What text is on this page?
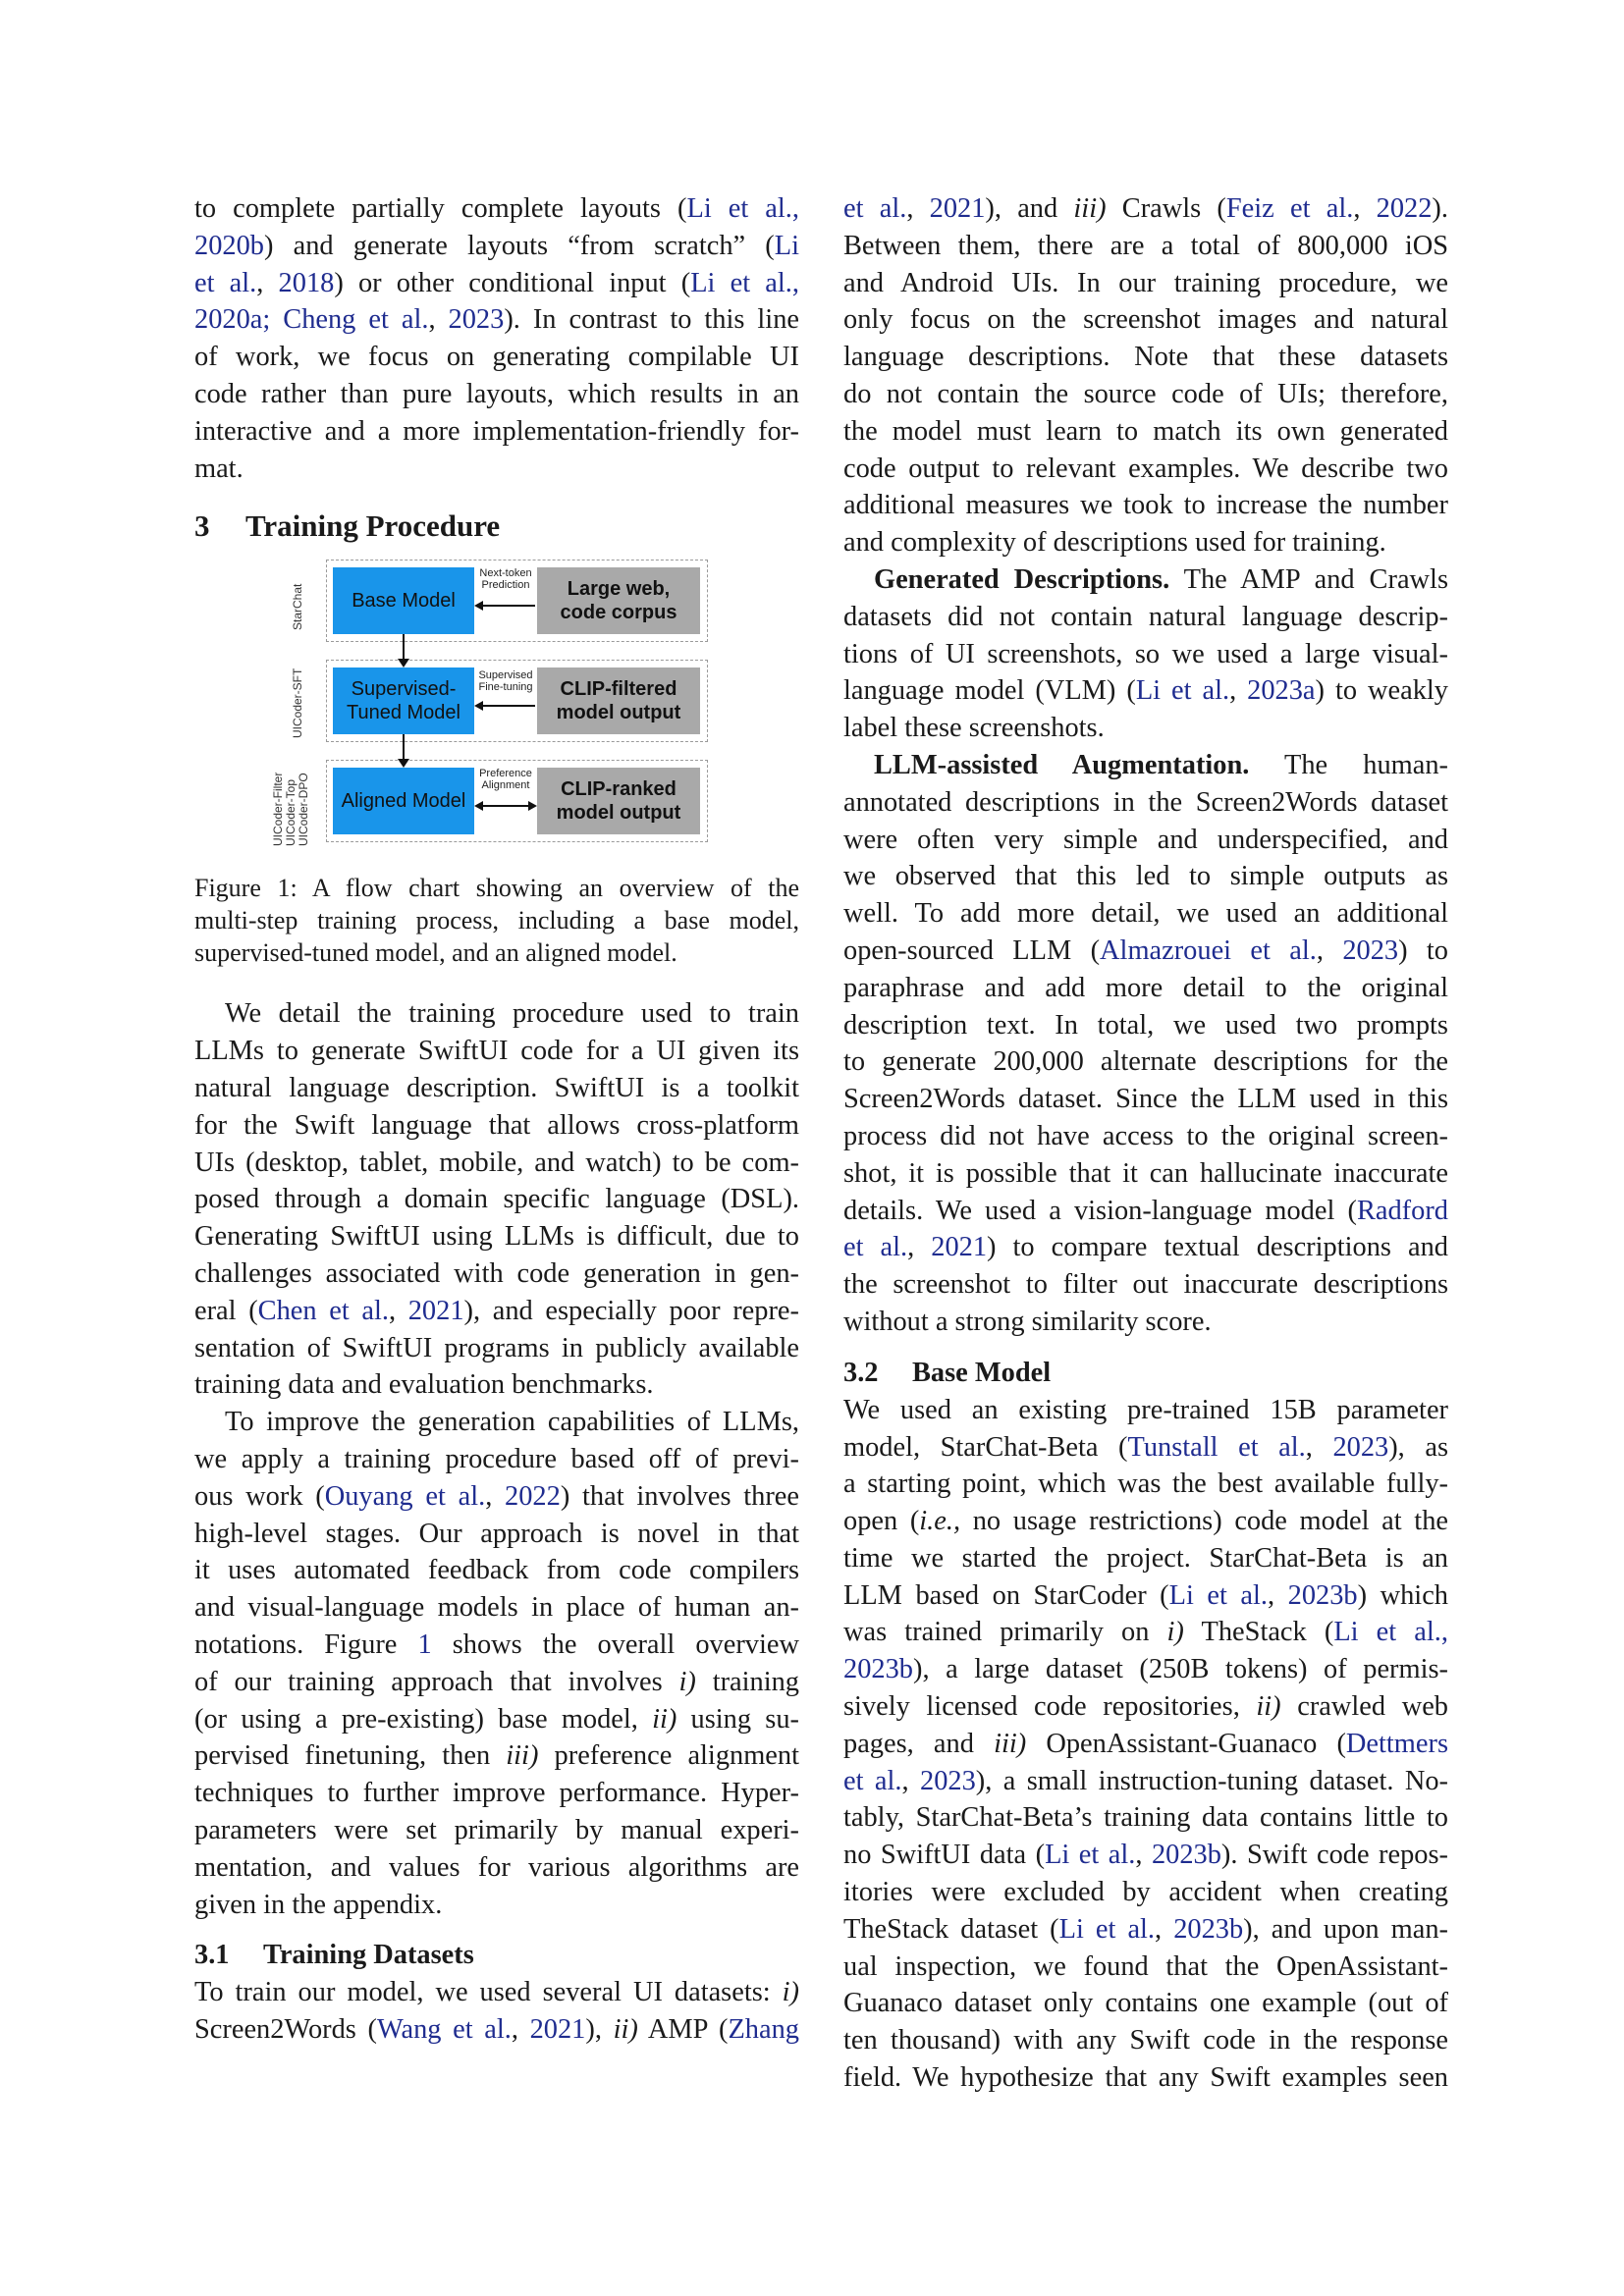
to complete partially complete layouts (Li et al.,
2020b) and generate layouts “from scratch” (Li
et al., 2018) or other conditional input (Li et al.,
2020a; Cheng et al., 2023). In contrast to this line
of work, we focus on generating compilable UI
code rather than pure layouts, which results in an
interactive and a more implementation-friendly for-
mat.
3 Training Procedure
StarChat Base Model
Next-token
Prediction	Large web,
code corpus
UICoder-SFT Supervised-
Tuned Model
Supervised
Fine-tuning CLIP-filtered
model output
UICoder-Filter
UICoder-Top
UICoder-DPO Aligned Model
Preference
Alignment	CLIP-ranked
model output
Figure 1: A flow chart showing an overview of the
multi-step training process, including a base model,
supervised-tuned model, and an aligned model.
We detail the training procedure used to train
LLMs to generate SwiftUI code for a UI given its
natural language description. SwiftUI is a toolkit
for the Swift language that allows cross-platform
UIs (desktop, tablet, mobile, and watch) to be com-
posed through a domain specific language (DSL).
Generating SwiftUI using LLMs is difficult, due to
challenges associated with code generation in gen-
eral (Chen et al., 2021), and especially poor repre-
sentation of SwiftUI programs in publicly available
training data and evaluation benchmarks.
To improve the generation capabilities of LLMs,
we apply a training procedure based off of previ-
ous work (Ouyang et al., 2022) that involves three
high-level stages. Our approach is novel in that
it uses automated feedback from code compilers
and visual-language models in place of human an-
notations. Figure 1 shows the overall overview
of our training approach that involves i) training
(or using a pre-existing) base model, ii) using su-
pervised finetuning, then iii) preference alignment
techniques to further improve performance. Hyper-
parameters were set primarily by manual experi-
mentation, and values for various algorithms are
given in the appendix.
3.1 Training Datasets
To train our model, we used several UI datasets: i)
Screen2Words (Wang et al., 2021), ii) AMP (Zhang
et al., 2021), and iii) Crawls (Feiz et al., 2022).
Between them, there are a total of 800,000 iOS
and Android UIs. In our training procedure, we
only focus on the screenshot images and natural
language descriptions. Note that these datasets
do not contain the source code of UIs; therefore,
the model must learn to match its own generated
code output to relevant examples. We describe two
additional measures we took to increase the number
and complexity of descriptions used for training.
Generated Descriptions. The AMP and Crawls
datasets did not contain natural language descrip-
tions of UI screenshots, so we used a large visual-
language model (VLM) (Li et al., 2023a) to weakly
label these screenshots.
LLM-assisted Augmentation. The human-
annotated descriptions in the Screen2Words dataset
were often very simple and underspecified, and
we observed that this led to simple outputs as
well. To add more detail, we used an additional
open-sourced LLM (Almazrouei et al., 2023) to
paraphrase and add more detail to the original
description text. In total, we used two prompts
to generate 200,000 alternate descriptions for the
Screen2Words dataset. Since the LLM used in this
process did not have access to the original screen-
shot, it is possible that it can hallucinate inaccurate
details. We used a vision-language model (Radford
et al., 2021) to compare textual descriptions and
the screenshot to filter out inaccurate descriptions
without a strong similarity score.
3.2 Base Model
We used an existing pre-trained 15B parameter
model, StarChat-Beta (Tunstall et al., 2023), as
a starting point, which was the best available fully-
open (i.e., no usage restrictions) code model at the
time we started the project. StarChat-Beta is an
LLM based on StarCoder (Li et al., 2023b) which
was trained primarily on i) TheStack (Li et al.,
2023b), a large dataset (250B tokens) of permis-
sively licensed code repositories, ii) crawled web
pages, and iii) OpenAssistant-Guanaco (Dettmers
et al., 2023), a small instruction-tuning dataset. No-
tably, StarChat-Beta’s training data contains little to
no SwiftUI data (Li et al., 2023b). Swift code repos-
itories were excluded by accident when creating
TheStack dataset (Li et al., 2023b), and upon man-
ual inspection, we found that the OpenAssistant-
Guanaco dataset only contains one example (out of
ten thousand) with any Swift code in the response
field. We hypothesize that any Swift examples seen
